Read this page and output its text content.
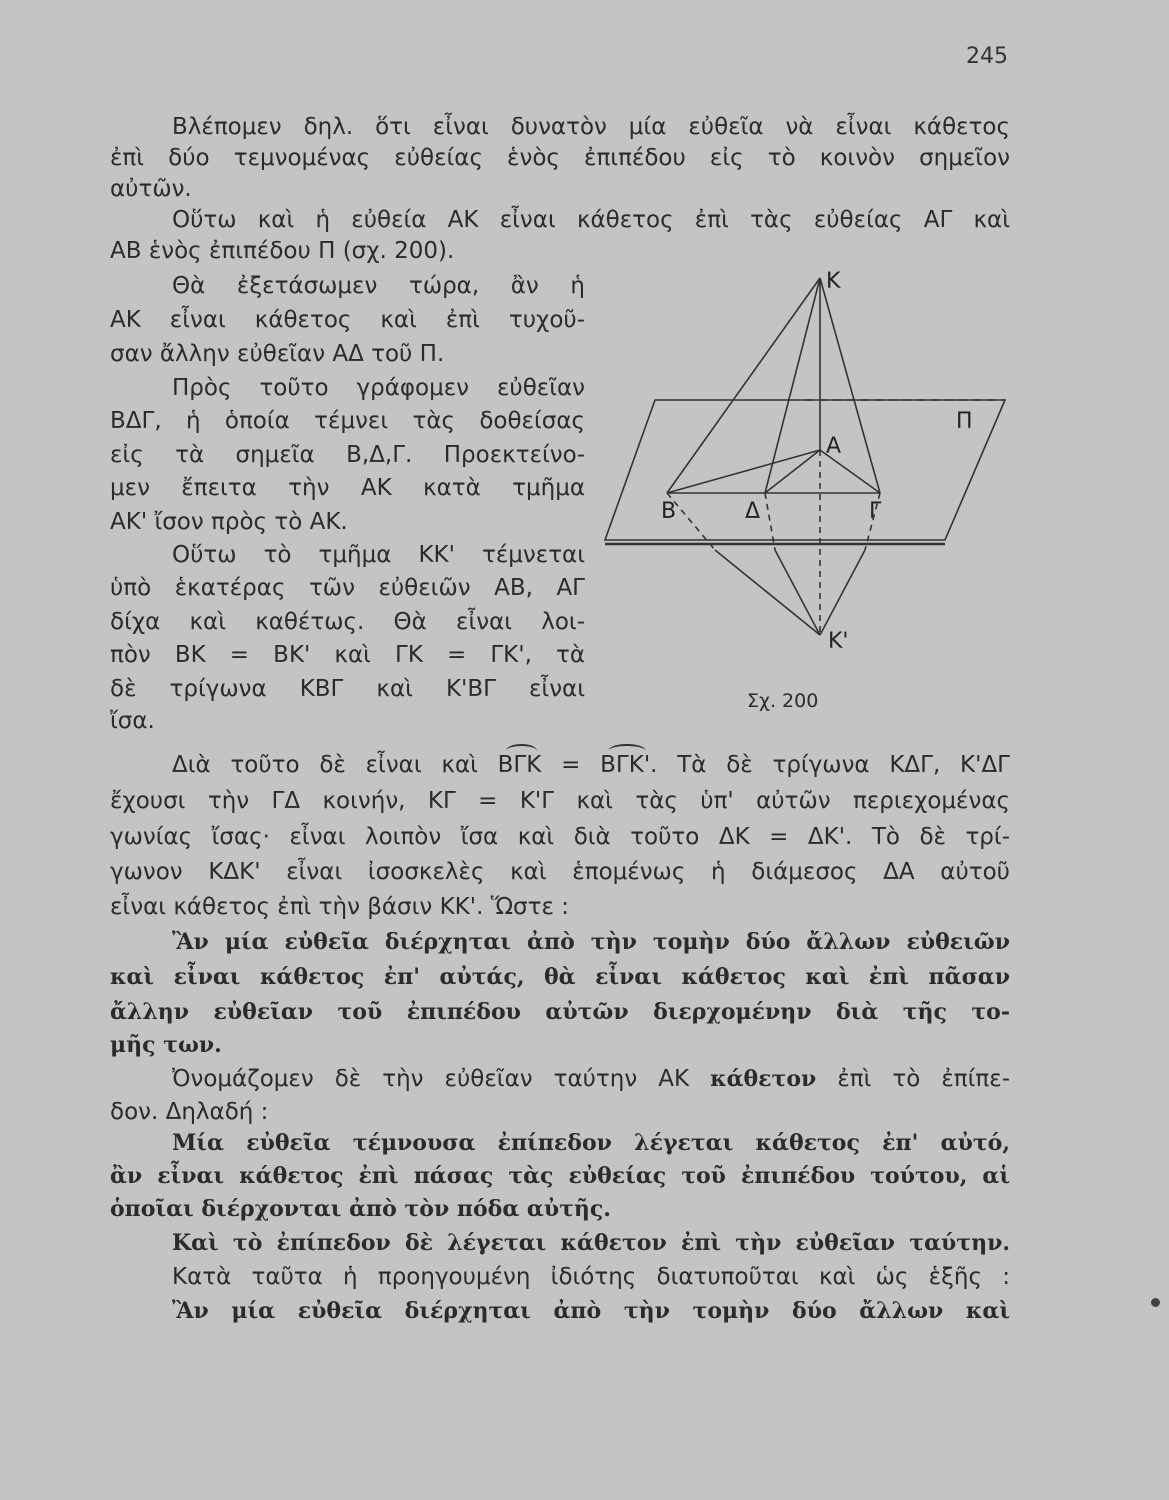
245
Βλέπομεν δηλ. ὅτι εἶναι δυνατὸν μία εὐθεῖα νὰ εἶναι κάθετος
ἐπὶ δύο τεμνομένας εὐθείας ἑνὸς ἐπιπέδου εἰς τὸ κοινὸν σημεῖον
αὐτῶν.
Οὕτω καὶ ἡ εὐθεία ΑΚ εἶναι κάθετος ἐπὶ τὰς εὐθείας ΑΓ καὶ
ΑΒ ἑνὸς ἐπιπέδου Π (σχ. 200).
Θὰ ἐξετάσωμεν τώρα, ἂν ἡ
ΑΚ εἶναι κάθετος καὶ ἐπὶ τυχοῦ-
σαν ἄλλην εὐθεῖαν ΑΔ τοῦ Π.
Πρὸς τοῦτο γράφομεν εὐθεῖαν
ΒΔΓ, ἡ ὁποία τέμνει τὰς δοθείσας
εἰς τὰ σημεῖα Β,Δ,Γ. Προεκτείνο-
μεν ἔπειτα τὴν ΑΚ κατὰ τμῆμα
ΑΚ' ἴσον πρὸς τὸ ΑΚ.
Οὕτω τὸ τμῆμα ΚΚ' τέμνεται
ὑπὸ ἑκατέρας τῶν εὐθειῶν ΑΒ, ΑΓ
δίχα καὶ καθέτως. Θὰ εἶναι λοι-
πὸν ΒΚ = ΒΚ' καὶ ΓΚ = ΓΚ', τὰ
δὲ τρίγωνα ΚΒΓ καὶ Κ'ΒΓ εἶναι
ἴσα.
Κ
Α
Β	Δ	Γ
Π
Κ'
Σχ. 200
Διὰ τοῦτο δὲ εἶναι καὶ ΒΓΚ = ΒΓΚ'. Τὰ δὲ τρίγωνα ΚΔΓ, Κ'ΔΓ
ἔχουσι τὴν ΓΔ κοινήν, ΚΓ = Κ'Γ καὶ τὰς ὑπ' αὐτῶν περιεχομένας
γωνίας ἴσας· εἶναι λοιπὸν ἴσα καὶ διὰ τοῦτο ΔΚ = ΔΚ'. Τὸ δὲ τρί-
γωνον ΚΔΚ' εἶναι ἰσοσκελὲς καὶ ἑπομένως ἡ διάμεσος ΔΑ αὐτοῦ
εἶναι κάθετος ἐπὶ τὴν βάσιν ΚΚ'. Ὥστε :
Ἂν μία εὐθεῖα διέρχηται ἀπὸ τὴν τομὴν δύο ἄλλων εὐθειῶν
καὶ εἶναι κάθετος ἐπ' αὐτάς, θὰ εἶναι κάθετος καὶ ἐπὶ πᾶσαν
ἄλλην εὐθεῖαν τοῦ ἐπιπέδου αὐτῶν διερχομένην διὰ τῆς το-
μῆς των.
Ὀνομάζομεν δὲ τὴν εὐθεῖαν ταύτην ΑΚ κάθετον ἐπὶ τὸ ἐπίπε-
δον. Δηλαδή :
Μία εὐθεῖα τέμνουσα ἐπίπεδον λέγεται κάθετος ἐπ' αὐτό,
ἂν εἶναι κάθετος ἐπὶ πάσας τὰς εὐθείας τοῦ ἐπιπέδου τούτου, αἱ
ὁποῖαι διέρχονται ἀπὸ τὸν πόδα αὐτῆς.
Καὶ τὸ ἐπίπεδον δὲ λέγεται κάθετον ἐπὶ τὴν εὐθεῖαν ταύτην.
Κατὰ ταῦτα ἡ προηγουμένη ἰδιότης διατυποῦται καὶ ὡς ἑξῆς :
Ἂν μία εὐθεῖα διέρχηται ἀπὸ τὴν τομὴν δύο ἄλλων καὶ
